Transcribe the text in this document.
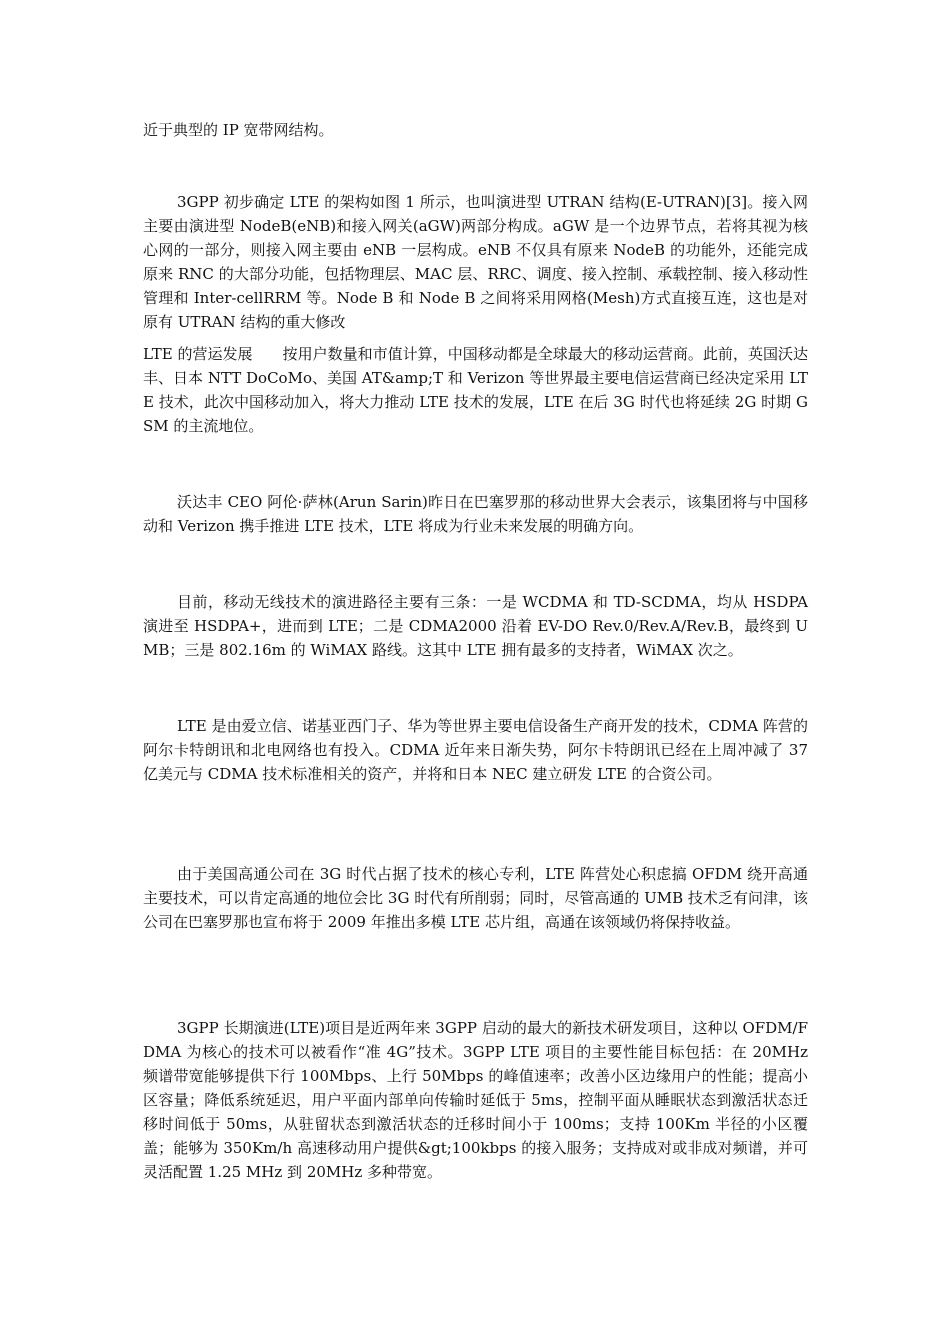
近于典型的 IP 宽带网结构。

3GPP 初步确定 LTE 的架构如图 1 所示，也叫演进型 UTRAN 结构(E-UTRAN)[3]。接入网主要由演进型 NodeB(eNB)和接入网关(aGW)两部分构成。aGW 是一个边界节点，若将其视为核心网的一部分，则接入网主要由 eNB 一层构成。eNB 不仅具有原来 NodeB 的功能外，还能完成原来 RNC 的大部分功能，包括物理层、MAC 层、RRC、调度、接入控制、承载控制、接入移动性管理和 Inter-cellRRM 等。Node B 和 Node B 之间将采用网格(Mesh)方式直接互连，这也是对原有 UTRAN 结构的重大修改

沃达丰 CEO 阿伦·萨林(Arun Sarin)昨日在巴塞罗那的移动世界大会表示，该集团将与中国移动和 Verizon 携手推进 LTE 技术，LTE 将成为行业未来发展的明确方向。

目前，移动无线技术的演进路径主要有三条：一是 WCDMA 和 TD-SCDMA，均从 HSDPA 演进至 HSDPA+，进而到 LTE；二是 CDMA2000 沿着 EV-DO Rev.0/Rev.A/Rev.B，最终到 UMB；三是 802.16m 的 WiMAX 路线。这其中 LTE 拥有最多的支持者，WiMAX 次之。

LTE 是由爱立信、诺基亚西门子、华为等世界主要电信设备生产商开发的技术，CDMA 阵营的阿尔卡特朗讯和北电网络也有投入。CDMA 近年来日渐失势，阿尔卡特朗讯已经在上周冲减了 37 亿美元与 CDMA 技术标准相关的资产，并将和日本 NEC 建立研发 LTE 的合资公司。

由于美国高通公司在 3G 时代占据了技术的核心专利，LTE 阵营处心积虑搞 OFDM 绕开高通主要技术，可以肯定高通的地位会比 3G 时代有所削弱；同时，尽管高通的 UMB 技术乏有问津，该公司在巴塞罗那也宣布将于 2009 年推出多模 LTE 芯片组，高通在该领域仍将保持收益。

3GPP 长期演进(LTE)项目是近两年来 3GPP 启动的最大的新技术研发项目，这种以 OFDM/FDMA 为核心的技术可以被看作“准 4G”技术。3GPP LTE 项目的主要性能目标包括：在 20MHz 频谱带宽能够提供下行 100Mbps、上行 50Mbps 的峰值速率；改善小区边缘用户的性能；提高小区容量；降低系统延迟，用户平面内部单向传输时延低于 5ms，控制平面从睡眠状态到激活状态迁移时间低于 50ms，从驻留状态到激活状态的迁移时间小于 100ms；支持 100Km 半径的小区覆盖；能够为 350Km/h 高速移动用户提供&gt;100kbps 的接入服务；支持成对或非成对频谱，并可灵活配置 1.25 MHz 到 20MHz 多种带宽。

LTE 的营运发展　　按用户数量和市值计算，中国移动都是全球最大的移动运营商。此前，英国沃达丰、日本 NTT DoCoMo、美国 AT&amp;T 和 Verizon 等世界最主要电信运营商已经决定采用 LTE 技术，此次中国移动加入，将大力推动 LTE 技术的发展，LTE 在后 3G 时代也将延续 2G 时期 GSM 的主流地位。
